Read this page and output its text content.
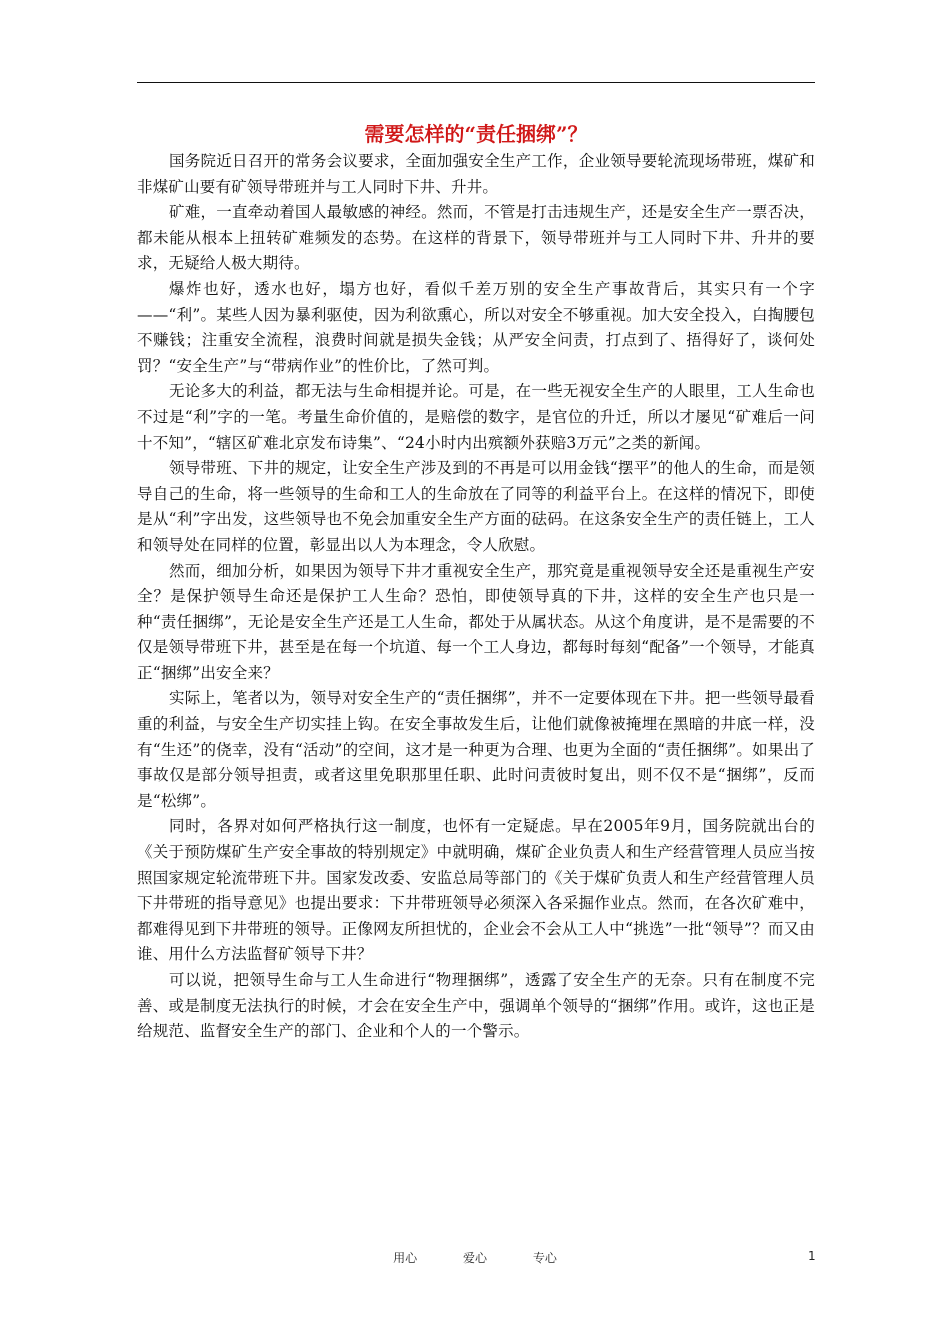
需要怎样的“责任捆绑”？

国务院近日召开的常务会议要求，全面加强安全生产工作，企业领导要轮流现场带班，煤矿和非煤矿山要有矿领导带班并与工人同时下井、升井。

矿难，一直牵动着国人最敏感的神经。然而，不管是打击违规生产，还是安全生产一票否决，都未能从根本上扭转矿难频发的态势。在这样的背景下，领导带班并与工人同时下井、升井的要求，无疑给人极大期待。

爆炸也好，透水也好，塌方也好，看似千差万别的安全生产事故背后，其实只有一个字——“利”。某些人因为暴利驱使，因为利欲熏心，所以对安全不够重视。加大安全投入，白掏腰包不赚钱；注重安全流程，浪费时间就是损失金钱；从严安全问责，打点到了、捂得好了，谈何处罚？“安全生产”与“带病作业”的性价比，了然可判。

无论多大的利益，都无法与生命相提并论。可是，在一些无视安全生产的人眼里，工人生命也不过是“利”字的一笔。考量生命价值的，是赔偿的数字，是官位的升迁，所以才屡见“矿难后一问十不知”，“辖区矿难北京发布诗集”、“24小时内出殡额外获赔3万元”之类的新闻。

领导带班、下井的规定，让安全生产涉及到的不再是可以用金钱“摆平”的他人的生命，而是领导自己的生命，将一些领导的生命和工人的生命放在了同等的利益平台上。在这样的情况下，即使是从“利”字出发，这些领导也不免会加重安全生产方面的砝码。在这条安全生产的责任链上，工人和领导处在同样的位置，彰显出以人为本理念，令人欣慰。

然而，细加分析，如果因为领导下井才重视安全生产，那究竟是重视领导安全还是重视生产安全？是保护领导生命还是保护工人生命？恐怕，即使领导真的下井，这样的安全生产也只是一种“责任捆绑”，无论是安全生产还是工人生命，都处于从属状态。从这个角度讲，是不是需要的不仅是领导带班下井，甚至是在每一个坑道、每一个工人身边，都每时每刻“配备”一个领导，才能真正“捆绑”出安全来？

实际上，笔者以为，领导对安全生产的“责任捆绑”，并不一定要体现在下井。把一些领导最看重的利益，与安全生产切实挂上钩。在安全事故发生后，让他们就像被掩埋在黑暗的井底一样，没有“生还”的侥幸，没有“活动”的空间，这才是一种更为合理、也更为全面的“责任捆绑”。如果出了事故仅是部分领导担责，或者这里免职那里任职、此时问责彼时复出，则不仅不是“捆绑”，反而是“松绑”。

同时，各界对如何严格执行这一制度，也怀有一定疑虑。早在2005年9月，国务院就出台的《关于预防煤矿生产安全事故的特别规定》中就明确，煤矿企业负责人和生产经营管理人员应当按照国家规定轮流带班下井。国家发改委、安监总局等部门的《关于煤矿负责人和生产经营管理人员下井带班的指导意见》也提出要求：下井带班领导必须深入各采掘作业点。然而，在各次矿难中，都难得见到下井带班的领导。正像网友所担忧的，企业会不会从工人中“挑选”一批“领导”？而又由谁、用什么方法监督矿领导下井？

可以说，把领导生命与工人生命进行“物理捆绑”，透露了安全生产的无奈。只有在制度不完善、或是制度无法执行的时候，才会在安全生产中，强调单个领导的“捆绑”作用。或许，这也正是给规范、监督安全生产的部门、企业和个人的一个警示。

用心	爱心	专心	1
